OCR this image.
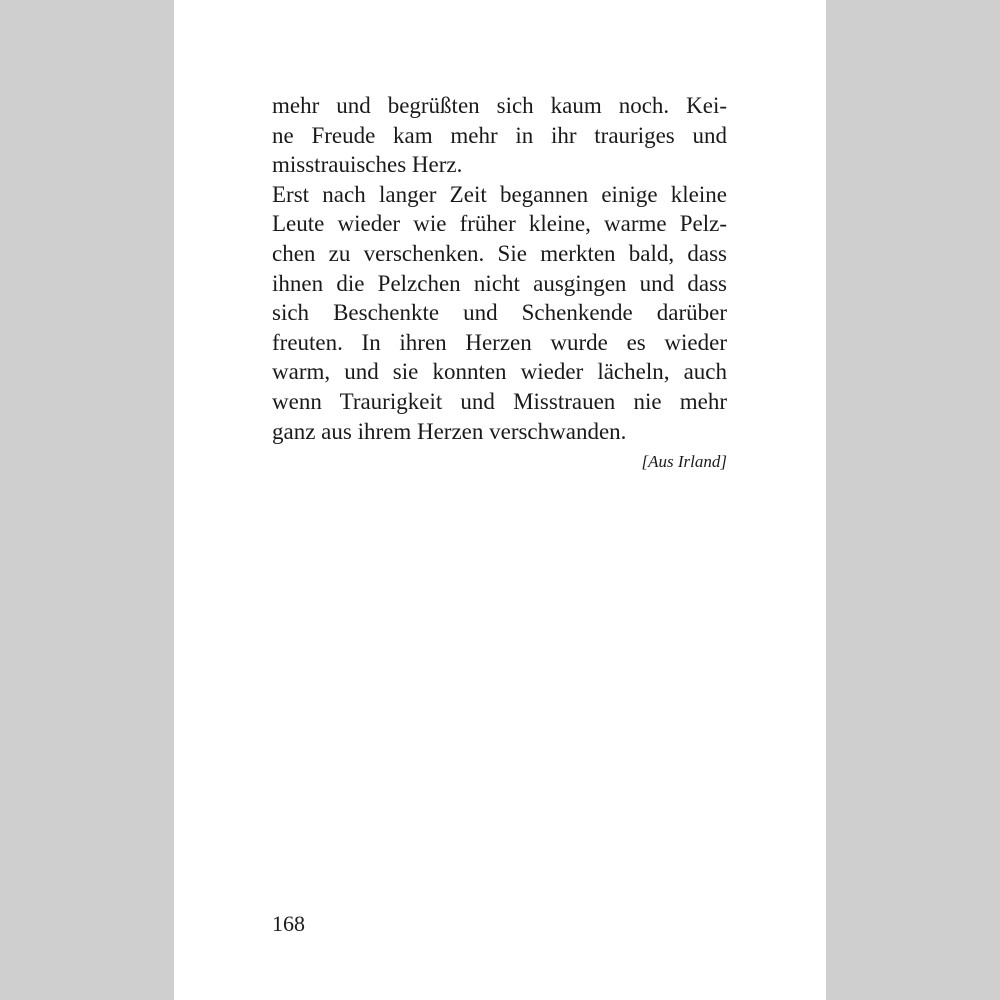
mehr und begrüßten sich kaum noch. Kei-
ne Freude kam mehr in ihr trauriges und
misstrauisches Herz.
Erst nach langer Zeit begannen einige kleine
Leute wieder wie früher kleine, warme Pelz-
chen zu verschenken. Sie merkten bald, dass
ihnen die Pelzchen nicht ausgingen und dass
sich Beschenkte und Schenkende darüber
freuten. In ihren Herzen wurde es wieder
warm, und sie konnten wieder lächeln, auch
wenn Traurigkeit und Misstrauen nie mehr
ganz aus ihrem Herzen verschwanden.
[Aus Irland]
168
